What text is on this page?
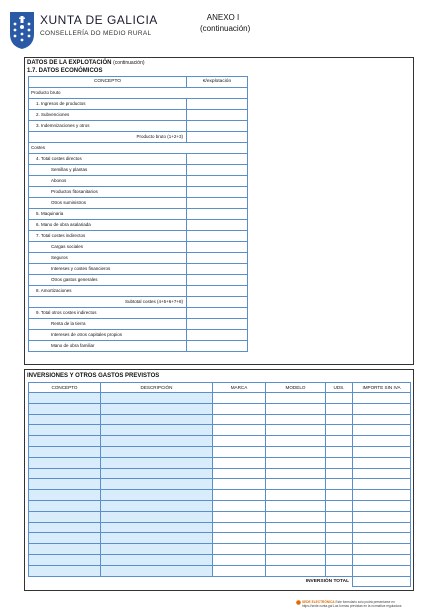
XUNTA DE GALICIA
CONSELLERÍA DO MEDIO RURAL
ANEXO I
(continuación)
DATOS DE LA EXPLOTACIÓN (continuación)
1.7. DATOS ECONÓMICOS
CONCEPTO	€/explotación
Producto bruto	
1. Ingresos de productos	
2. Subvenciones	
3. Indemnizaciones y otros	
Producto bruto (1+2+3)	
Costes	
4. Total costes directos	
Semillas y plantas	
Abonos	
Productos fitosanitarios	
Otros suministros	
5. Maquinaria	
6. Mano de obra asalariada	
7. Total costes indirectos	
Cargas sociales	
Seguros	
Intereses y costes financieros	
Otros gastos generales	
8. Amortizaciones	
Subtotal costes (4+5+6+7+8)	
9. Total otros costes indirectos	
Renta de la tierra	
Intereses de otros capitales propios	
Mano de obra familiar	
INVERSIONES Y OTROS GASTOS PREVISTOS
CONCEPTO	DESCRIPCIÓN	MARCA	MODELO	UDS.	IMPORTE SIN IVA

INVERSIÓN TOTAL					
SEDE ELECTRÓNICA Este formulario solo podrá presentarse en
https://sede.xunta.gal Las formas previstas en la normativa reguladora
